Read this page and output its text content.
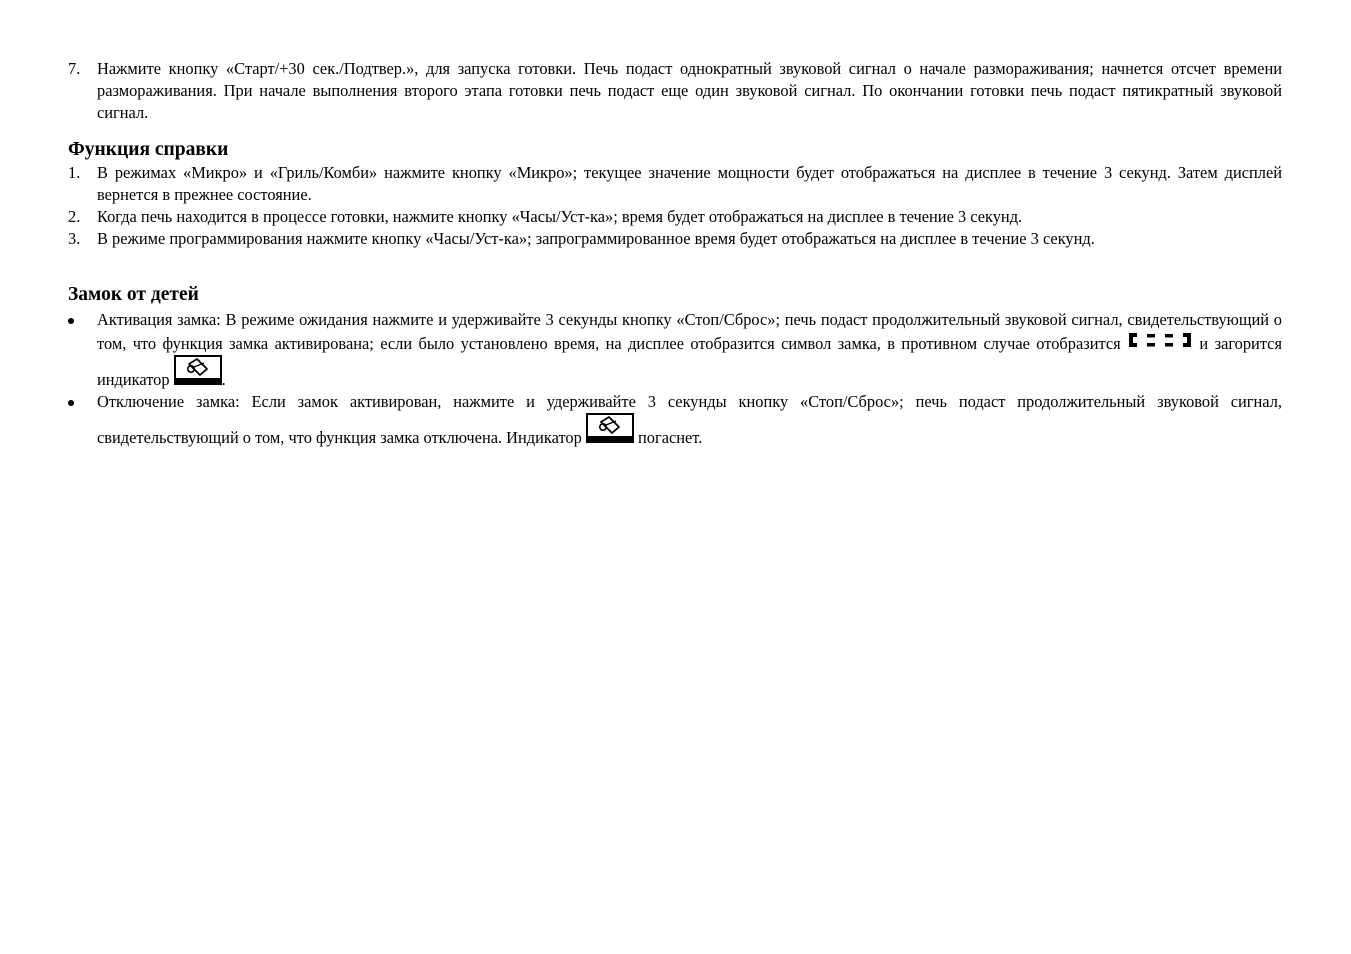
7.	Нажмите кнопку «Старт/+30 сек./Подтвер.», для запуска готовки. Печь подаст однократный звуковой сигнал о начале размораживания; начнется отсчет времени размораживания. При начале выполнения второго этапа готовки печь подаст еще один звуковой сигнал. По окончании готовки печь подаст пятикратный звуковой сигнал.
Функция справки
1.	В режимах «Микро» и «Гриль/Комби» нажмите кнопку «Микро»; текущее значение мощности будет отображаться на дисплее в течение 3 секунд. Затем дисплей вернется в прежнее состояние.
2.	Когда печь находится в процессе готовки, нажмите кнопку «Часы/Уст-ка»; время будет отображаться на дисплее в течение 3 секунд.
3.	В режиме программирования нажмите кнопку «Часы/Уст-ка»; запрограммированное время будет отображаться на дисплее в течение 3 секунд.
Замок от детей
Активация замка: В режиме ожидания нажмите и удерживайте 3 секунды кнопку «Стоп/Сброс»; печь подаст продолжительный звуковой сигнал, свидетельствующий о том, что функция замка активирована; если было установлено время, на дисплее отобразится символ замка, в противном случае отобразится	и загорится индикатор	.
Отключение замка: Если замок активирован, нажмите и удерживайте 3 секунды кнопку «Стоп/Сброс»; печь подаст продолжительный звуковой сигнал, свидетельствующий о том, что функция замка отключена. Индикатор	погаснет.
